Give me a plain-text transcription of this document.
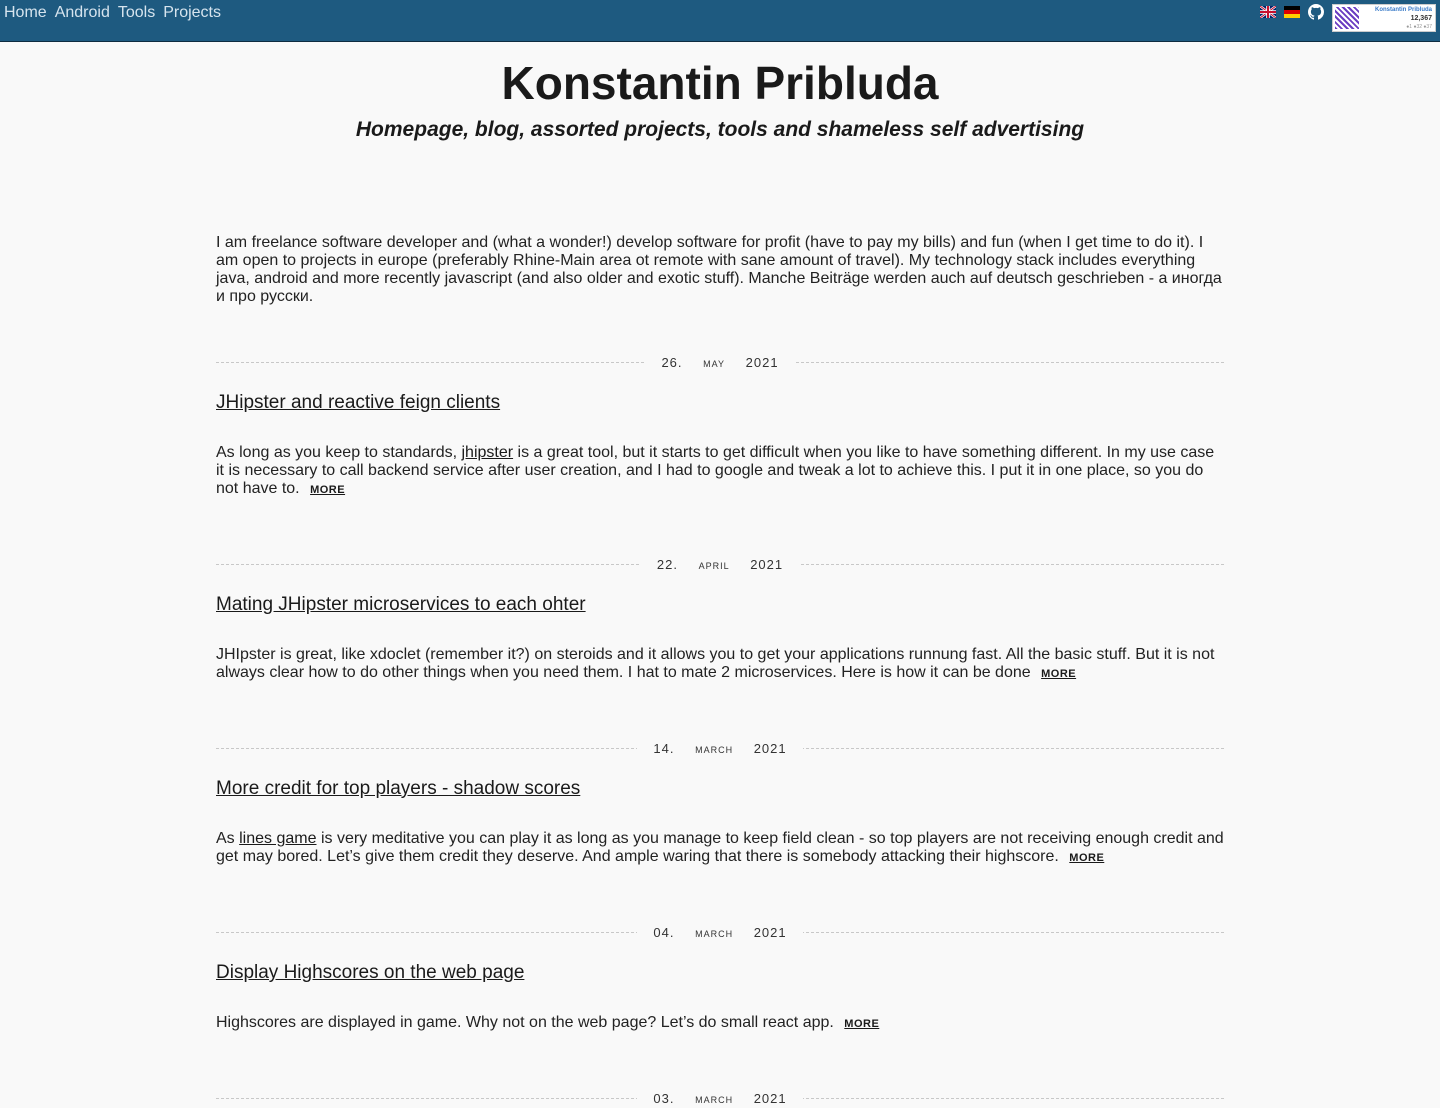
Home Android Tools Projects	Konstantin Pribluda
12,367
●1 ●32 ●37
Konstantin Pribluda
Homepage, blog, assorted projects, tools and shameless self advertising

I am freelance software developer and (what a wonder!) develop software for profit (have to pay my bills) and fun (when I get time to do it). I am open to projects in europe (preferably Rhine-Main area ot remote with sane amount of travel). My technology stack includes everything java, android and more recently javascript (and also older and exotic stuff). Manche Beiträge werden auch auf deutsch geschrieben - а иногда и про русски.

26. may 2021
JHipster and reactive feign clients

As long as you keep to standards, jhipster is a great tool, but it starts to get difficult when you like to have something different. In my use case it is necessary to call backend service after user creation, and I had to google and tweak a lot to achieve this. I put it in one place, so you do not have to. MORE

22. april 2021
Mating JHipster microservices to each ohter

JHIpster is great, like xdoclet (remember it?) on steroids and it allows you to get your applications runnung fast. All the basic stuff. But it is not always clear how to do other things when you need them. I hat to mate 2 microservices. Here is how it can be done MORE

14. march 2021
More credit for top players - shadow scores

As lines game is very meditative you can play it as long as you manage to keep field clean - so top players are not receiving enough credit and get may bored. Let’s give them credit they deserve. And ample waring that there is somebody attacking their highscore. MORE

04. march 2021
Display Highscores on the web page

Highscores are displayed in game. Why not on the web page? Let’s do small react app. MORE

03. march 2021
